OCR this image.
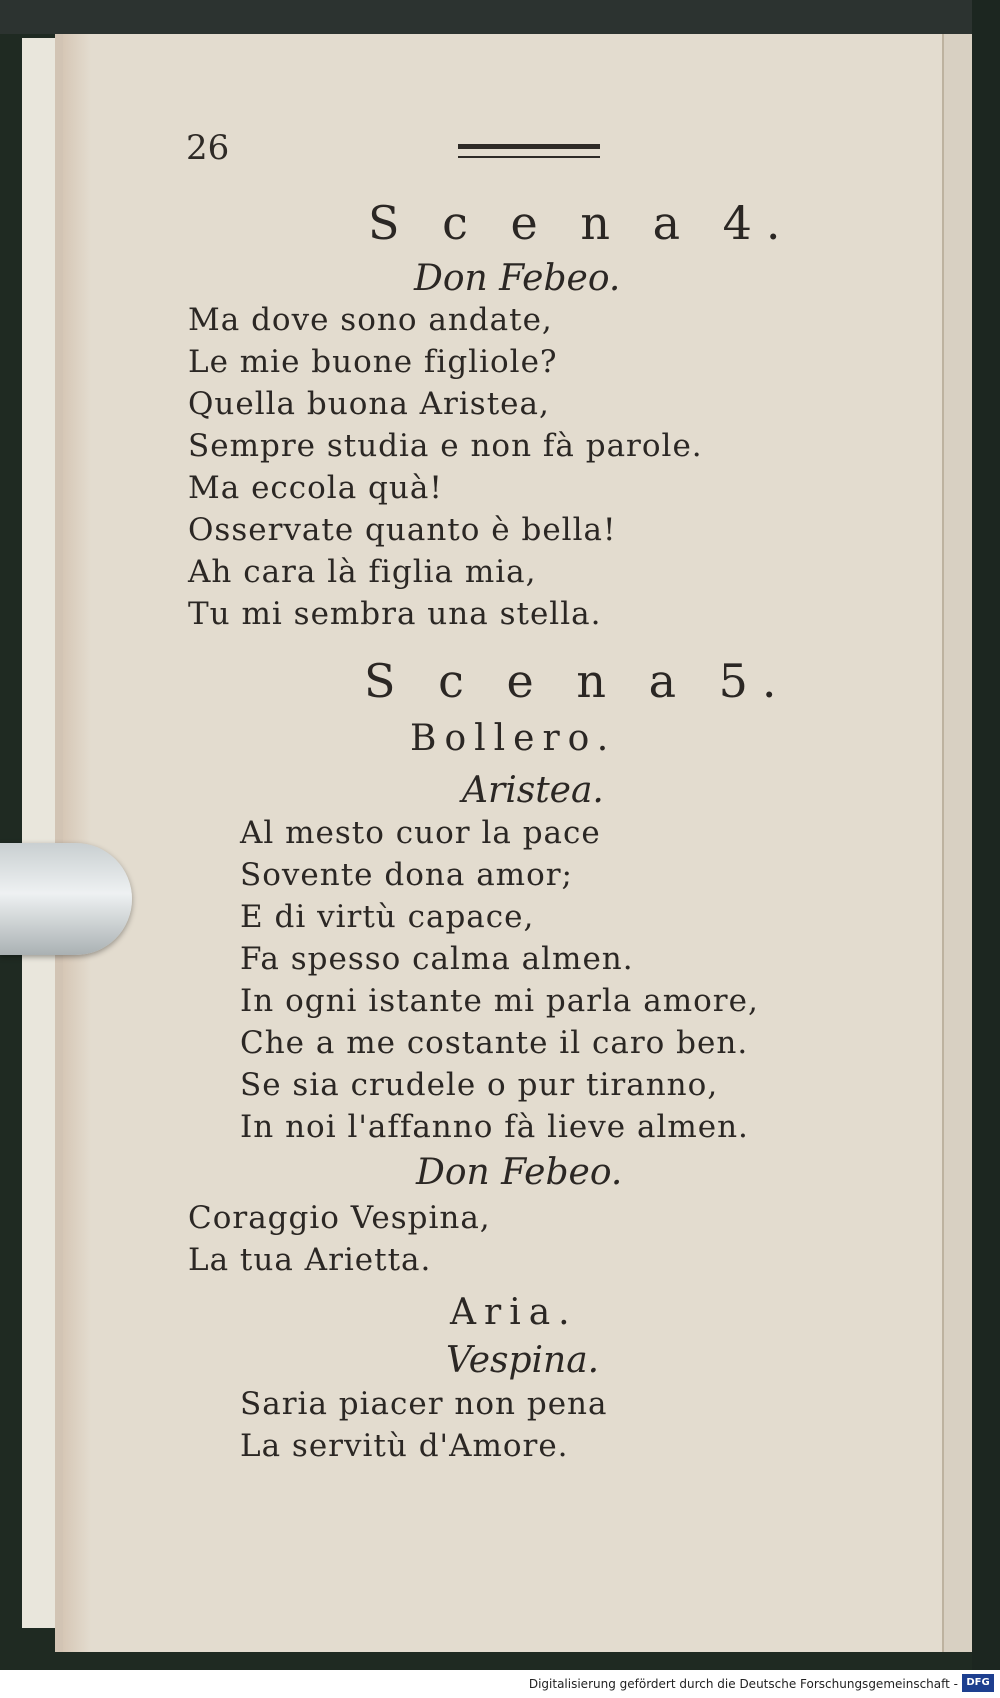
26
S c e n a 4.
Don Febeo.
Ma dove sono andate,
Le mie buone figliole?
Quella buona Aristea,
Sempre studia e non fà parole.
Ma eccola quà!
Osservate quanto è bella!
Ah cara là figlia mia,
Tu mi sembra una stella.
S c e n a 5.
Bollero.
Aristea.
Al mesto cuor la pace
Sovente dona amor;
E di virtù capace,
Fa spesso calma almen.
In ogni istante mi parla amore,
Che a me costante il caro ben.
Se sia crudele o pur tiranno,
In noi l'affanno fà lieve almen.
Don Febeo.
Coraggio Vespina,
La tua Arietta.
Aria.
Vespina.
Saria piacer non pena
La servitù d'Amore.
Digitalisierung gefördert durch die Deutsche Forschungsgemeinschaft - DFG
